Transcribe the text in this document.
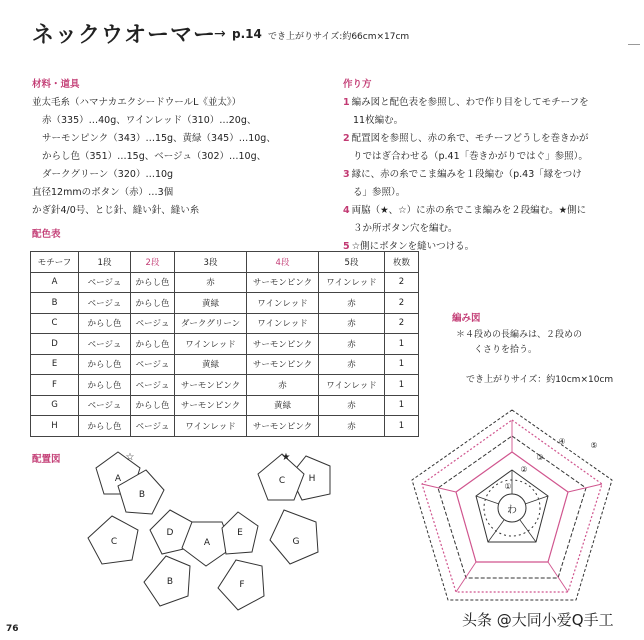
ネックウオーマー
→ p.14 でき上がりサイズ:約66cm×17cm
材料・道具
並太毛糸（ハマナカエクシードウールL《並太》）
赤（335）…40g、ワインレッド（310）…20g、
サーモンピンク（343）…15g、黄緑（345）…10g、
からし色（351）…15g、ベージュ（302）…10g、
ダークグリーン（320）…10g
直径12mmのボタン（赤）…3個
かぎ針4/0号、とじ針、縫い針、縫い糸
作り方
1 編み図と配色表を参照し、わで作り目をしてモチーフを
11枚編む。
2 配置図を参照し、赤の糸で、モチーフどうしを巻きかが
りではぎ合わせる（p.41「巻きかがりではぐ」参照）。
3 縁に、赤の糸でこま編みを１段編む（p.43「縁をつけ
る」参照）。
4 両脇（★、☆）に赤の糸でこま編みを２段編む。★側に
３か所ボタン穴を編む。
5 ☆側にボタンを縫いつける。
配色表
モチーフ	1段	2段	3段	4段	5段	枚数
A	ベージュ	からし色	赤	サーモンピンク	ワインレッド	2
B	ベージュ	からし色	黄緑	ワインレッド	赤	2
C	からし色	ベージュ	ダークグリーン	ワインレッド	赤	2
D	ベージュ	からし色	ワインレッド	サーモンピンク	赤	1
E	からし色	ベージュ	黄緑	サーモンピンク	赤	1
F	からし色	ベージュ	サーモンピンク	赤	ワインレッド	1
G	ベージュ	からし色	サーモンピンク	黄緑	赤	1
H	からし色	ベージュ	ワインレッド	サーモンピンク	赤	1
編み図
＊４段めの長編みは、２段めの
くさりを拾う。
でき上がりサイズ：約10cm×10cm
配置図
A
B
C
D
A
E
G
H
C
B	F
☆	★
わ
①
②
③
④	⑤
76	头条 @大同小爱Q手工
